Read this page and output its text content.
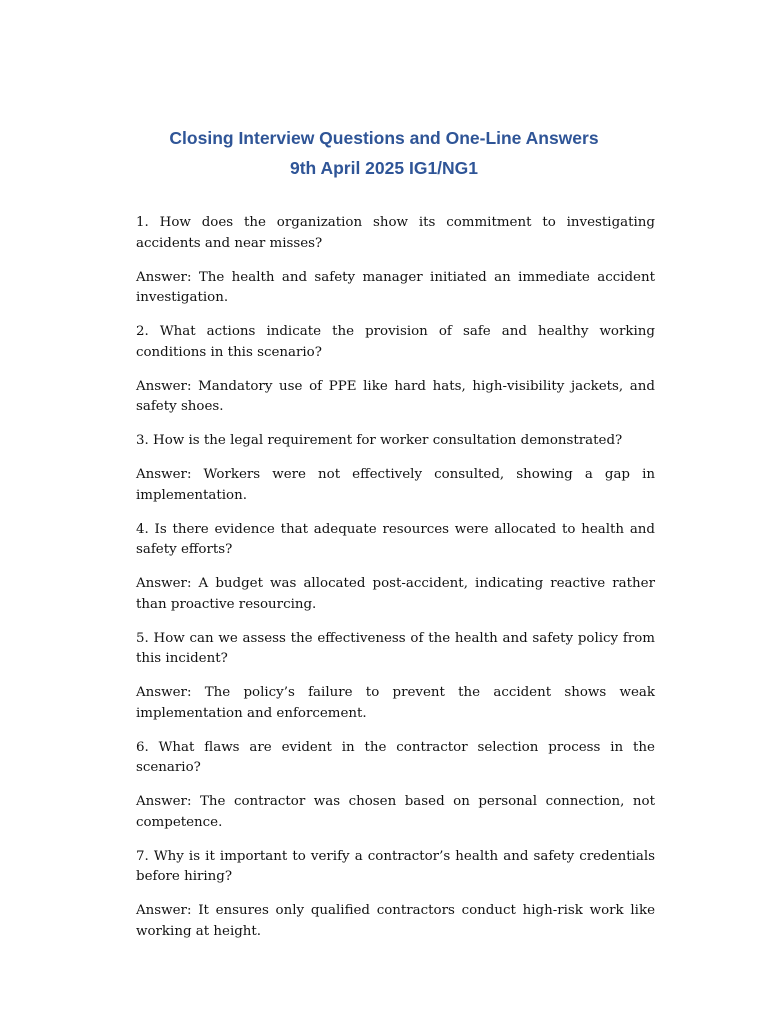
Closing Interview Questions and One-Line Answers
9th April 2025 IG1/NG1

1. How does the organization show its commitment to investigating accidents and near misses?

Answer: The health and safety manager initiated an immediate accident investigation.

2. What actions indicate the provision of safe and healthy working conditions in this scenario?

Answer: Mandatory use of PPE like hard hats, high-visibility jackets, and safety shoes.

3. How is the legal requirement for worker consultation demonstrated?

Answer: Workers were not effectively consulted, showing a gap in implementation.

4. Is there evidence that adequate resources were allocated to health and safety efforts?

Answer: A budget was allocated post-accident, indicating reactive rather than proactive resourcing.

5. How can we assess the effectiveness of the health and safety policy from this incident?

Answer: The policy’s failure to prevent the accident shows weak implementation and enforcement.

6. What flaws are evident in the contractor selection process in the scenario?

Answer: The contractor was chosen based on personal connection, not competence.

7. Why is it important to verify a contractor’s health and safety credentials before hiring?

Answer: It ensures only qualified contractors conduct high-risk work like working at height.
